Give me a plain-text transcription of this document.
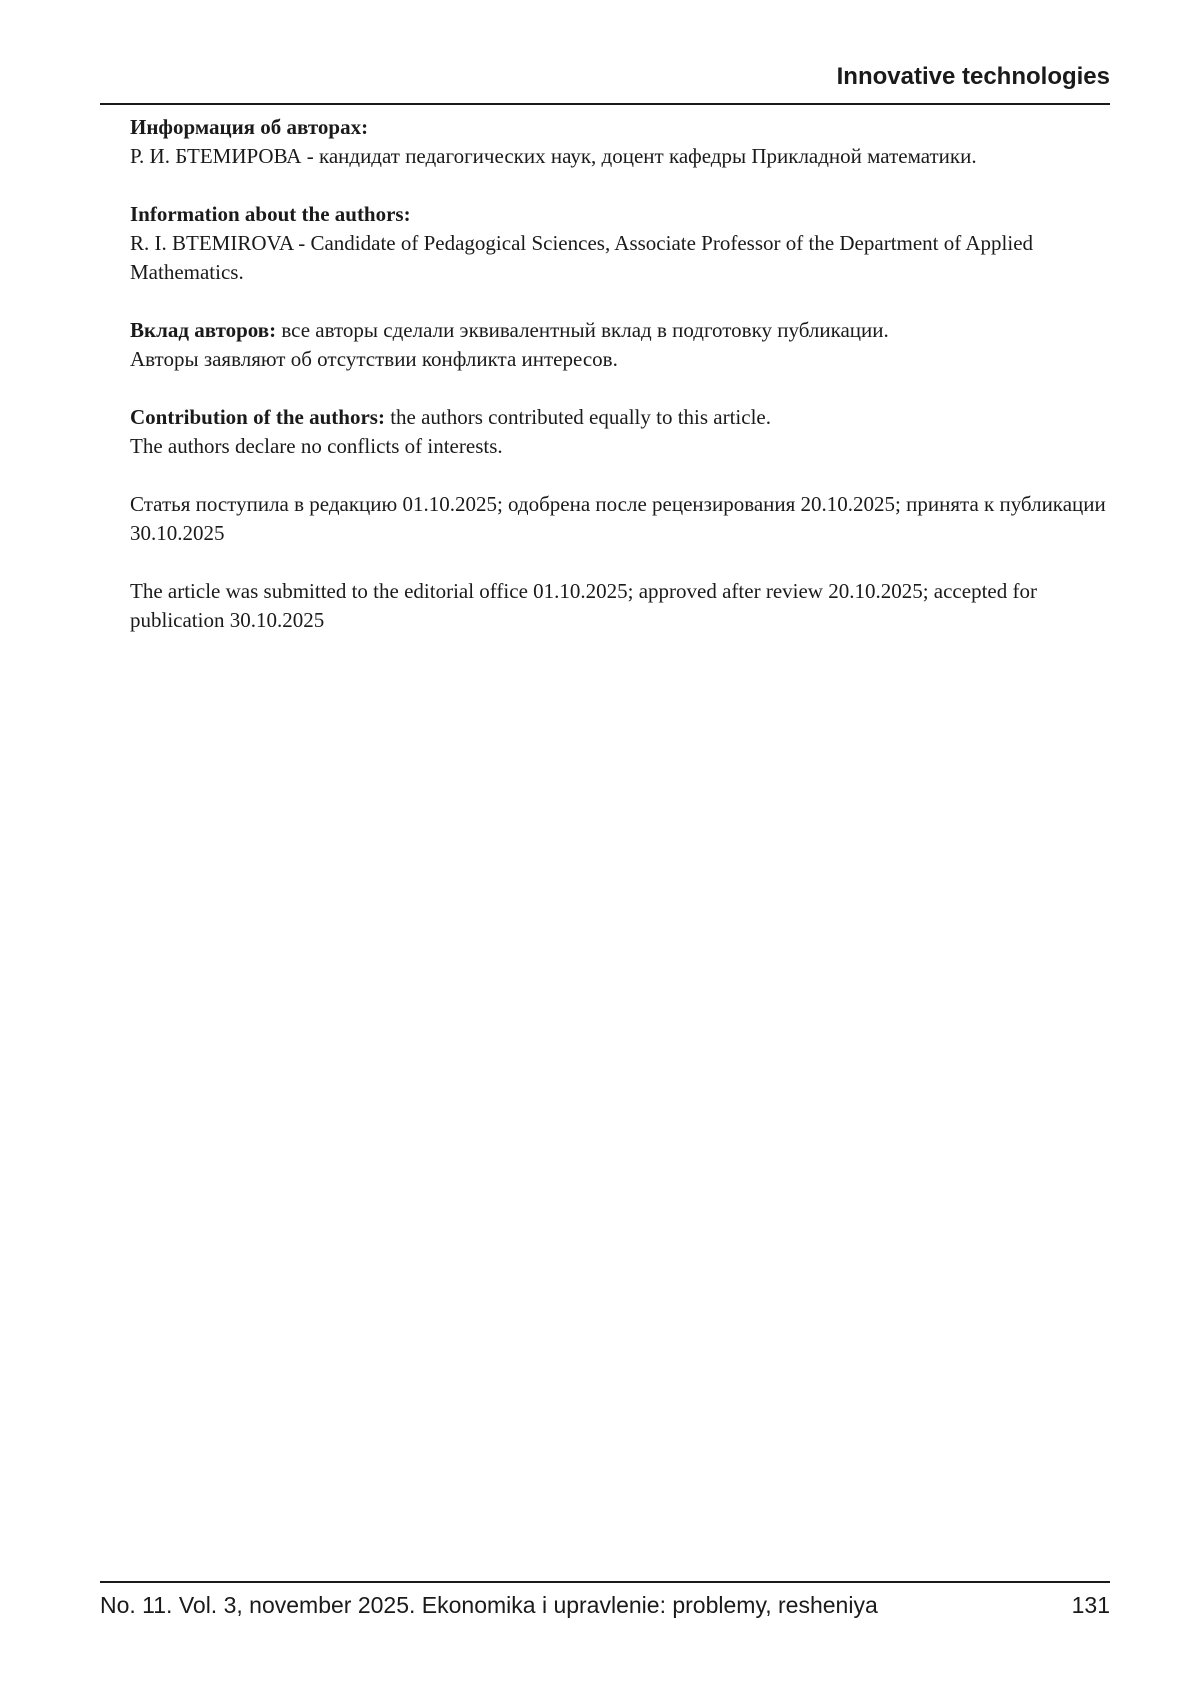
Innovative technologies

Информация об авторах:
Р. И. БТЕМИРОВА - кандидат педагогических наук, доцент кафедры Прикладной математики.

Information about the authors:
R. I. BTEMIROVA - Candidate of Pedagogical Sciences, Associate Professor of the Department of Applied Mathematics.

Вклад авторов: все авторы сделали эквивалентный вклад в подготовку публикации.
Авторы заявляют об отсутствии конфликта интересов.

Contribution of the authors: the authors contributed equally to this article.
The authors declare no conflicts of interests.

Статья поступила в редакцию 01.10.2025; одобрена после рецензирования 20.10.2025; принята к публикации 30.10.2025

The article was submitted to the editorial office 01.10.2025; approved after review 20.10.2025; accepted for publication 30.10.2025

No. 11. Vol. 3, november 2025. Ekonomika i upravlenie: problemy, resheniya	131
